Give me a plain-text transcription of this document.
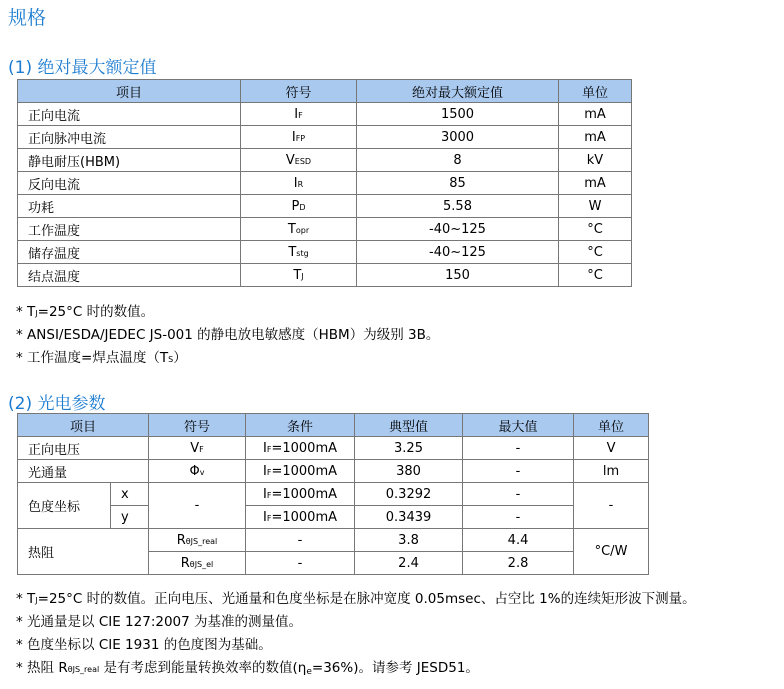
规格
(1) 绝对最大额定值
项目	符号	绝对最大额定值	单位
正向电流	IF	1500	mA
正向脉冲电流	IFP	3000	mA
静电耐压(HBM)	VESD	8	kV
反向电流	IR	85	mA
功耗	PD	5.58	W
工作温度	Topr	-40~125	°C
储存温度	Tstg	-40~125	°C
结点温度	TJ	150	°C
* TJ=25°C 时的数值。
* ANSI/ESDA/JEDEC JS-001 的静电放电敏感度（HBM）为级别 3B。
* 工作温度=焊点温度（TS）
(2) 光电参数
项目		符号	条件	典型值	最大值	单位
正向电压		VF	IF=1000mA	3.25	-	V
光通量		Φv	IF=1000mA	380	-	lm
色度坐标	x	-	IF=1000mA	0.3292	-	-
	y		IF=1000mA	0.3439	-	
热阻		RθJS_real	-	3.8	4.4	°C/W
		RθJS_el	-	2.4	2.8	
* TJ=25°C 时的数值。正向电压、光通量和色度坐标是在脉冲宽度 0.05msec、占空比 1%的连续矩形波下测量。
* 光通量是以 CIE 127:2007 为基准的测量值。
* 色度坐标以 CIE 1931 的色度图为基础。
* 热阻 RθJS_real 是有考虑到能量转换效率的数值(ηe=36%)。请参考 JESD51。
